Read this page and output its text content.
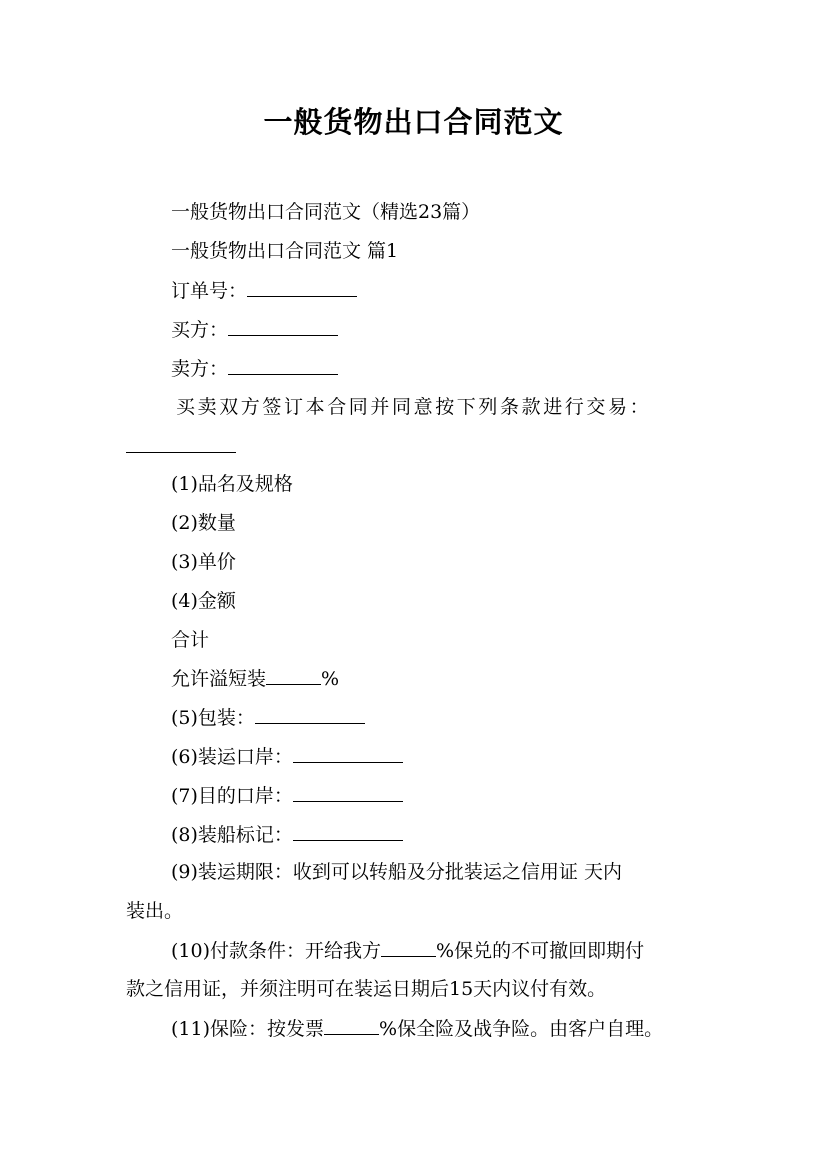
一般货物出口合同范文
一般货物出口合同范文（精选23篇）
一般货物出口合同范文 篇1
订单号：
买方：
卖方：
买卖双方签订本合同并同意按下列条款进行交易：
(1)品名及规格
(2)数量
(3)单价
(4)金额
合计
允许溢短装	%
(5)包装：
(6)装运口岸：
(7)目的口岸：
(8)装船标记：
(9)装运期限：收到可以转船及分批装运之信用证 天内
装出。
(10)付款条件：开给我方	%保兑的不可撤回即期付
款之信用证，并须注明可在装运日期后15天内议付有效。
(11)保险：按发票	%保全险及战争险。由客户自理。
